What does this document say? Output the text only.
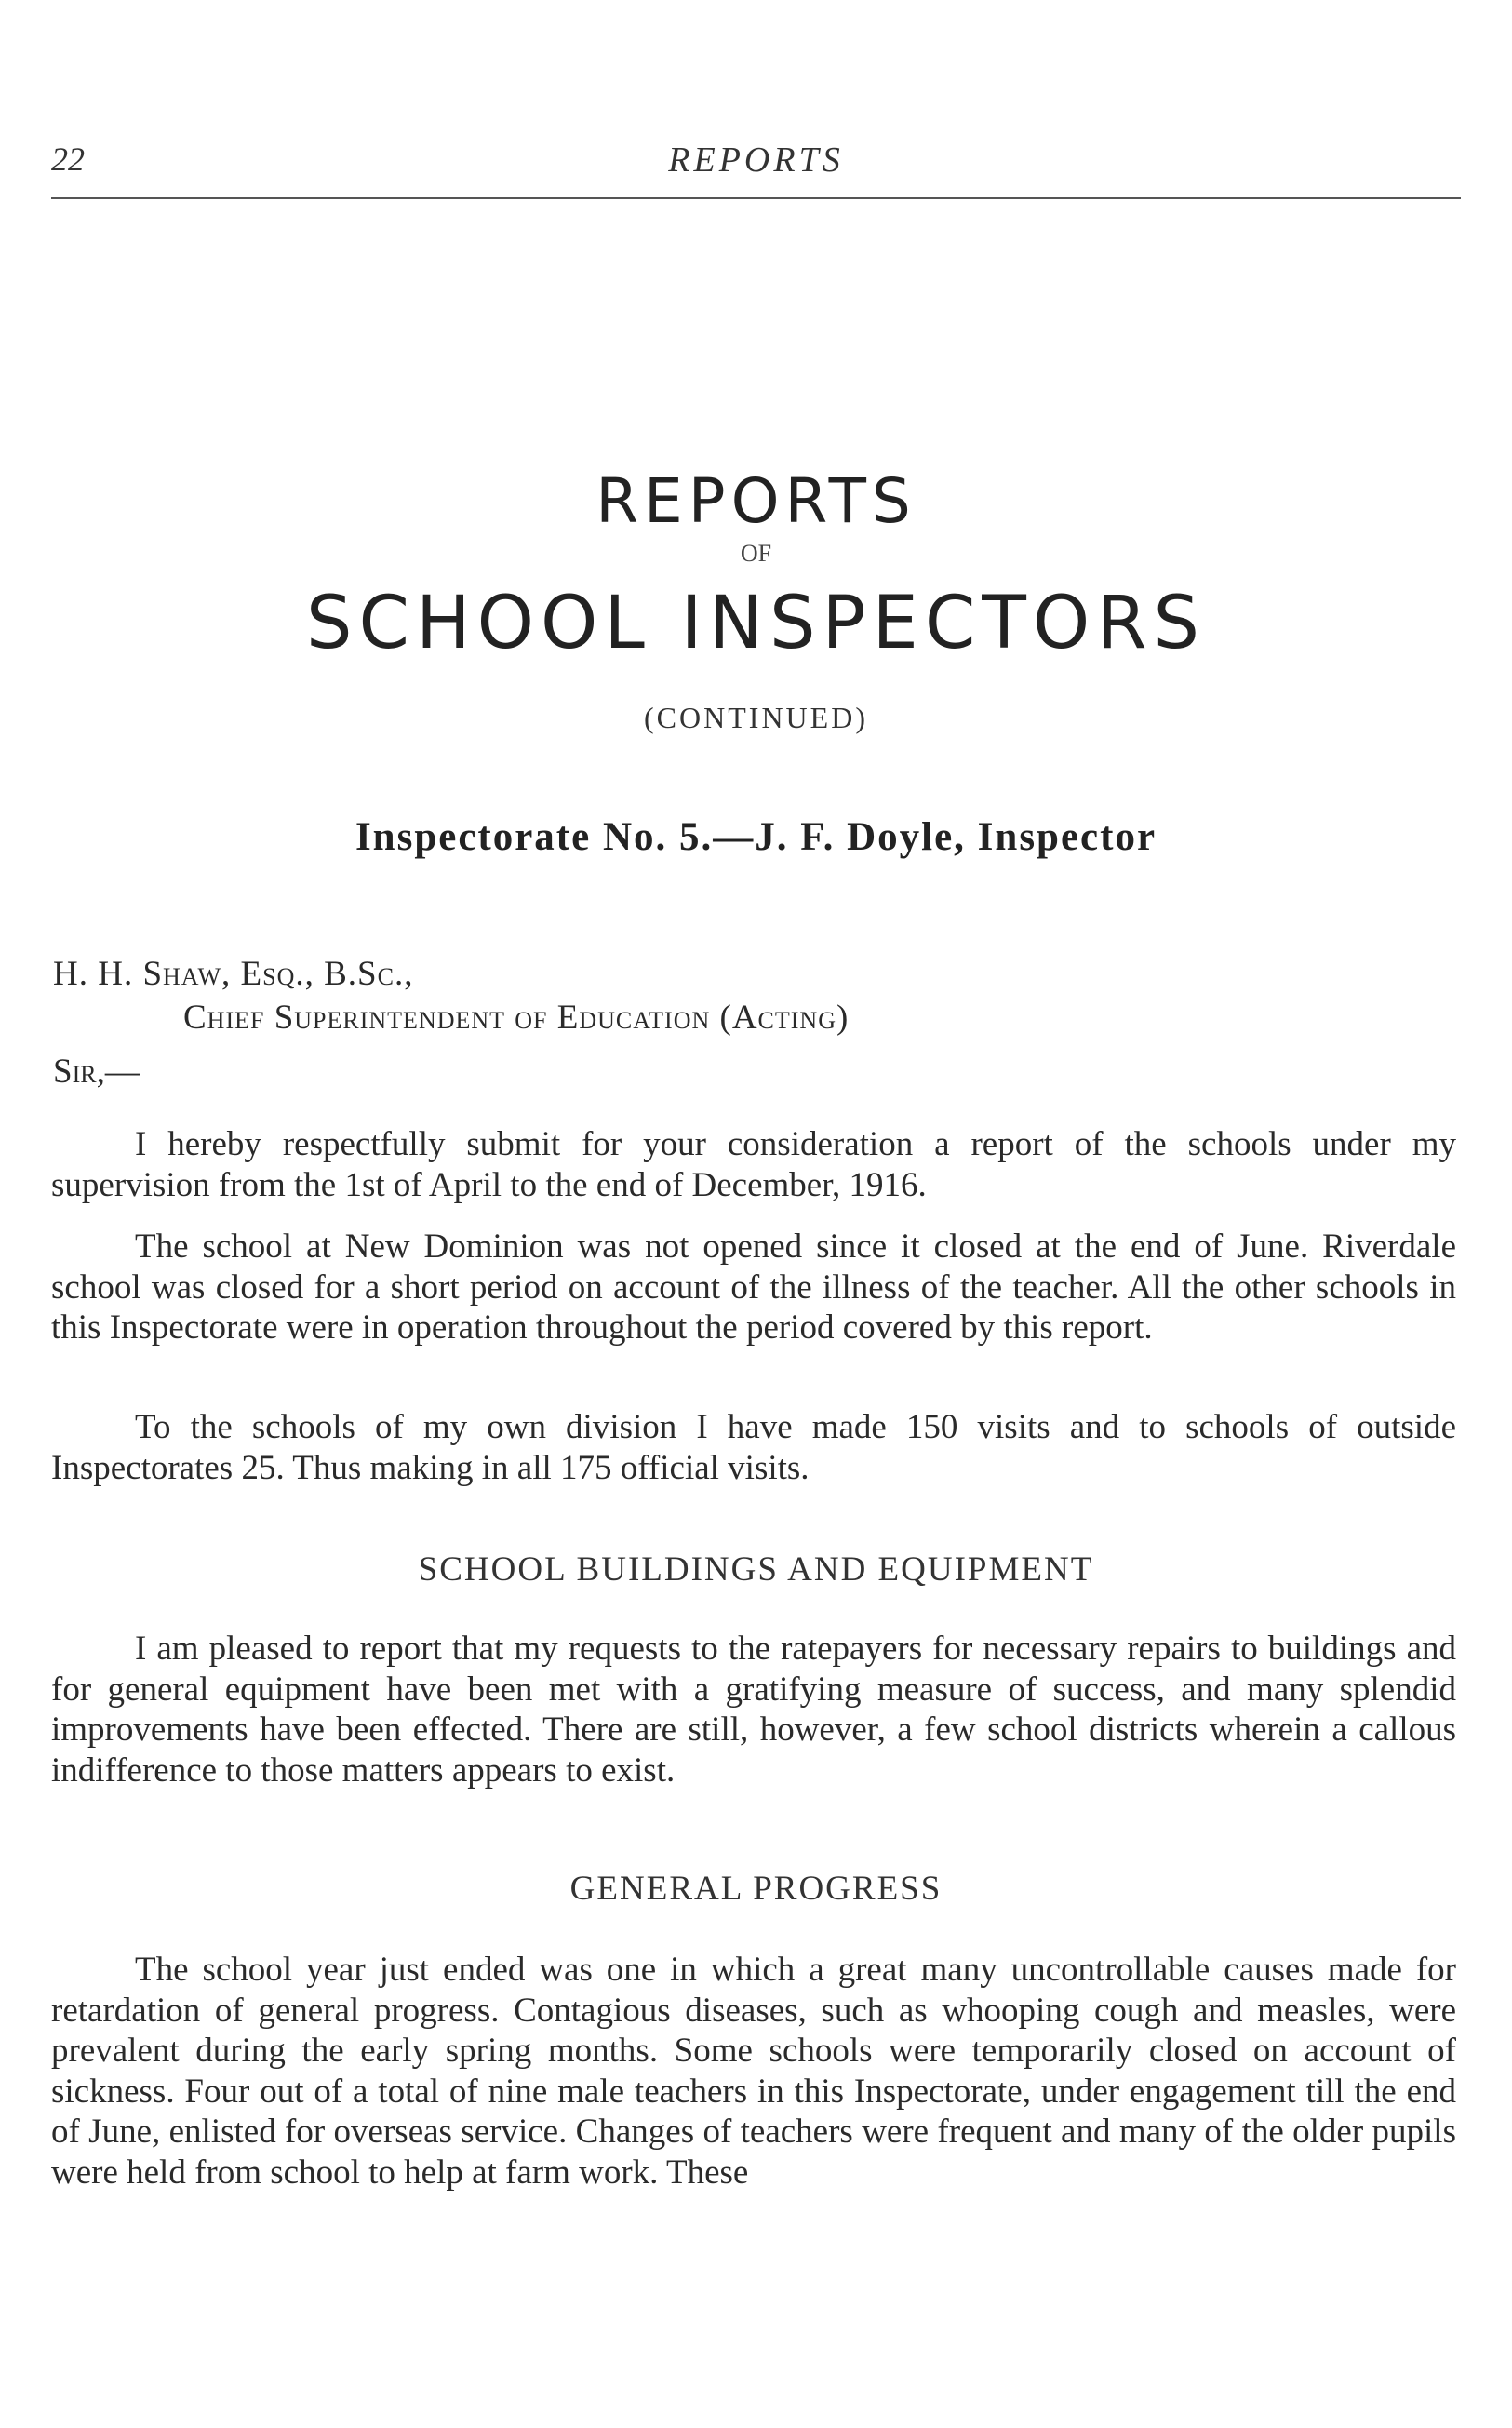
22	REPORTS
REPORTS
OF
SCHOOL INSPECTORS
(CONTINUED)
Inspectorate No. 5.—J. F. Doyle, Inspector
H. H. Shaw, Esq., B.Sc.,
Chief Superintendent of Education (Acting)
Sir,—

I hereby respectfully submit for your consideration a report of the schools under my supervision from the 1st of April to the end of December, 1916.

The school at New Dominion was not opened since it closed at the end of June. Riverdale school was closed for a short period on account of the illness of the teacher. All the other schools in this Inspectorate were in operation throughout the period covered by this report.

To the schools of my own division I have made 150 visits and to schools of outside Inspectorates 25. Thus making in all 175 official visits.

SCHOOL BUILDINGS AND EQUIPMENT

I am pleased to report that my requests to the ratepayers for necessary repairs to buildings and for general equipment have been met with a gratifying measure of success, and many splendid improvements have been effected. There are still, however, a few school districts wherein a callous indifference to those matters appears to exist.

GENERAL PROGRESS

The school year just ended was one in which a great many uncontrollable causes made for retardation of general progress. Contagious diseases, such as whooping cough and measles, were prevalent during the early spring months. Some schools were temporarily closed on account of sickness. Four out of a total of nine male teachers in this Inspectorate, under engagement till the end of June, enlisted for overseas service. Changes of teachers were frequent and many of the older pupils were held from school to help at farm work. These
